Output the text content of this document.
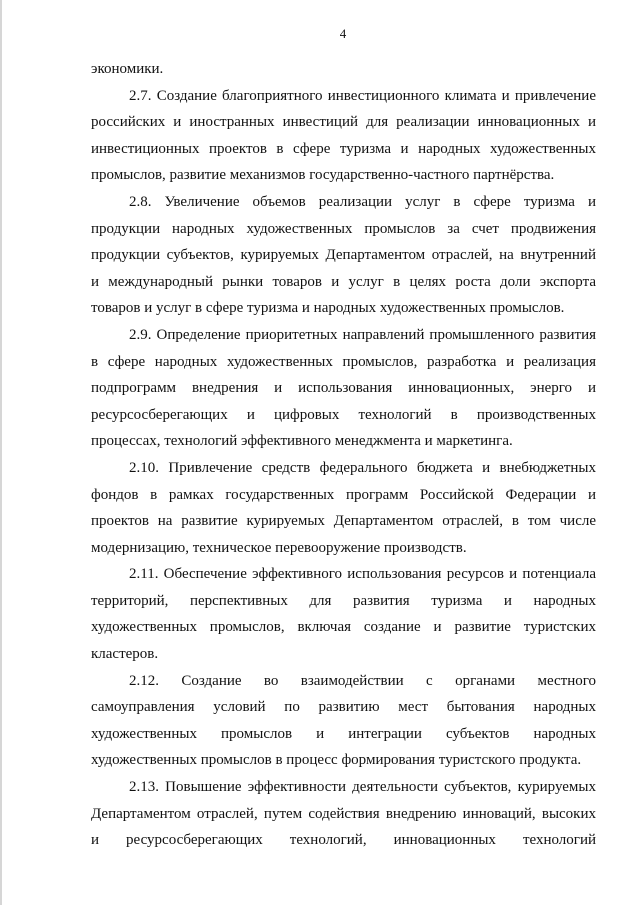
4

экономики.

2.7. Создание благоприятного инвестиционного климата и привлечение
российских и иностранных инвестиций для реализации инновационных и
инвестиционных проектов в сфере туризма и народных художественных
промыслов, развитие механизмов государственно-частного партнёрства.

2.8. Увеличение объемов реализации услуг в сфере туризма и
продукции народных художественных промыслов за счет продвижения
продукции субъектов, курируемых Департаментом отраслей, на внутренний
и международный рынки товаров и услуг в целях роста доли экспорта
товаров и услуг в сфере туризма и народных художественных промыслов.

2.9. Определение приоритетных направлений промышленного развития
в сфере народных художественных промыслов, разработка и реализация
подпрограмм внедрения и использования инновационных, энерго и
ресурсосберегающих и цифровых технологий в производственных
процессах, технологий эффективного менеджмента и маркетинга.

2.10. Привлечение средств федерального бюджета и внебюджетных
фондов в рамках государственных программ Российской Федерации и
проектов на развитие курируемых Департаментом отраслей, в том числе
модернизацию, техническое перевооружение производств.

2.11. Обеспечение эффективного использования ресурсов и потенциала
территорий, перспективных для развития туризма и народных
художественных промыслов, включая создание и развитие туристских
кластеров.

2.12. Создание во взаимодействии с органами местного
самоуправления условий по развитию мест бытования народных
художественных промыслов и интеграции субъектов народных
художественных промыслов в процесс формирования туристского продукта.

2.13. Повышение эффективности деятельности субъектов, курируемых
Департаментом отраслей, путем содействия внедрению инноваций, высоких
и ресурсосберегающих технологий, инновационных технологий
